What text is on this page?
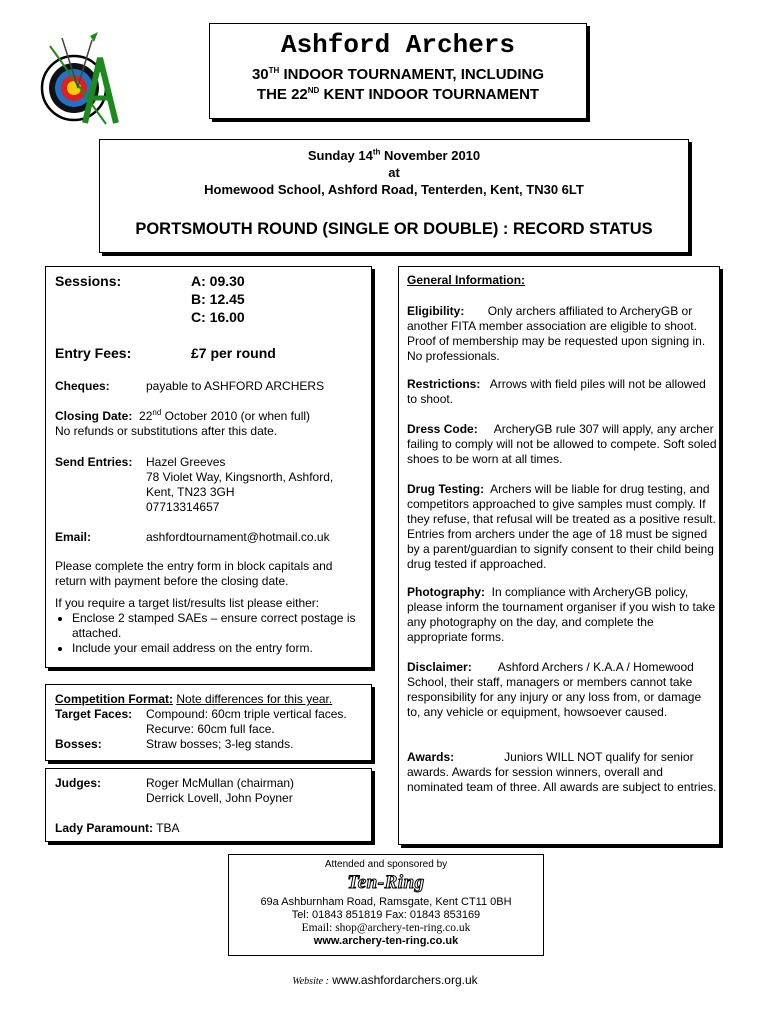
Ashford Archers
30TH INDOOR TOURNAMENT, INCLUDING
THE 22ND KENT INDOOR TOURNAMENT
Sunday 14th November 2010
at
Homewood School, Ashford Road, Tenterden, Kent, TN30 6LT
PORTSMOUTH ROUND (SINGLE OR DOUBLE) : RECORD STATUS
Sessions:	A: 09.30
B: 12.45
C: 16.00
Entry Fees:	£7 per round
Cheques:	payable to ASHFORD ARCHERS
Closing Date: 22nd October 2010 (or when full)
No refunds or substitutions after this date.
Send Entries: Hazel Greeves
78 Violet Way, Kingsnorth, Ashford,
Kent, TN23 3GH
07713314657
Email:	ashfordtournament@hotmail.co.uk
Please complete the entry form in block capitals and
return with payment before the closing date.
If you require a target list/results list please either:
• Enclose 2 stamped SAEs – ensure correct postage is attached.
• Include your email address on the entry form.
Competition Format: Note differences for this year.
Target Faces: Compound: 60cm triple vertical faces.
Recurve: 60cm full face.
Bosses:	Straw bosses; 3-leg stands.
Judges:	Roger McMullan (chairman)
Derrick Lovell, John Poyner
Lady Paramount: TBA
General Information:
Eligibility: Only archers affiliated to ArcheryGB or another FITA member association are eligible to shoot. Proof of membership may be requested upon signing in. No professionals.
Restrictions: Arrows with field piles will not be allowed to shoot.
Dress Code: ArcheryGB rule 307 will apply, any archer failing to comply will not be allowed to compete. Soft soled shoes to be worn at all times.
Drug Testing: Archers will be liable for drug testing, and competitors approached to give samples must comply. If they refuse, that refusal will be treated as a positive result. Entries from archers under the age of 18 must be signed by a parent/guardian to signify consent to their child being drug tested if approached.
Photography: In compliance with ArcheryGB policy, please inform the tournament organiser if you wish to take any photography on the day, and complete the appropriate forms.
Disclaimer: Ashford Archers / K.A.A / Homewood School, their staff, managers or members cannot take responsibility for any injury or any loss from, or damage to, any vehicle or equipment, howsoever caused.
Awards:	Juniors WILL NOT qualify for senior awards. Awards for session winners, overall and nominated team of three. All awards are subject to entries.
Attended and sponsored by
Ten-Ring
69a Ashburnham Road, Ramsgate, Kent CT11 0BH
Tel: 01843 851819 Fax: 01843 853169
Email: shop@archery-ten-ring.co.uk
www.archery-ten-ring.co.uk
Website : www.ashfordarchers.org.uk
